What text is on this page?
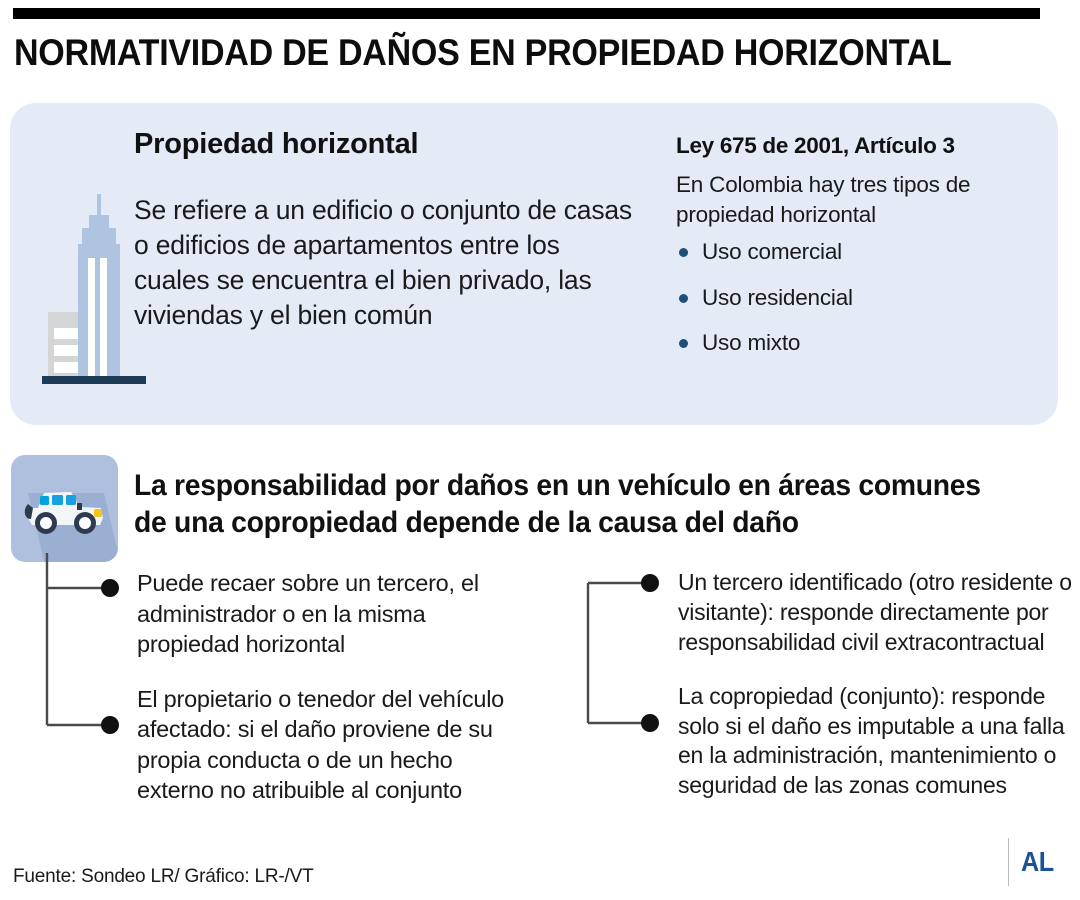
NORMATIVIDAD DE DAÑOS EN PROPIEDAD HORIZONTAL
Propiedad horizontal
Se refiere a un edificio o conjunto de casas o edificios de apartamentos entre los cuales se encuentra el bien privado, las viviendas y el bien común
Ley 675 de 2001, Artículo 3
En Colombia hay tres tipos de propiedad horizontal
Uso comercial
Uso residencial
Uso mixto
La responsabilidad por daños en un vehículo en áreas comunes de una copropiedad depende de la causa del daño
Puede recaer sobre un tercero, el administrador o en la misma propiedad horizontal
El propietario o tenedor del vehículo afectado: si el daño proviene de su propia conducta o de un hecho externo no atribuible al conjunto
Un tercero identificado (otro residente o visitante): responde directamente por responsabilidad civil extracontractual
La copropiedad (conjunto): responde solo si el daño es imputable a una falla en la administración, mantenimiento o seguridad de las zonas comunes
Fuente: Sondeo LR/ Gráfico: LR-/VT	AL
